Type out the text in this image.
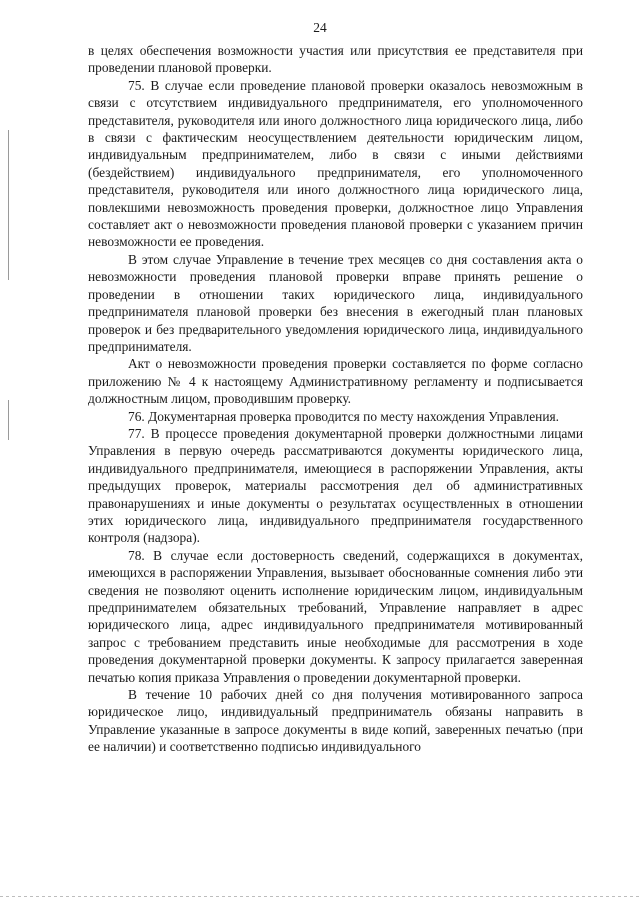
24

в целях обеспечения возможности участия или присутствия ее представителя при проведении плановой проверки.

75. В случае если проведение плановой проверки оказалось невозможным в связи с отсутствием индивидуального предпринимателя, его уполномоченного представителя, руководителя или иного должностного лица юридического лица, либо в связи с фактическим неосуществлением деятельности юридическим лицом, индивидуальным предпринимателем, либо в связи с иными действиями (бездействием) индивидуального предпринимателя, его уполномоченного представителя, руководителя или иного должностного лица юридического лица, повлекшими невозможность проведения проверки, должностное лицо Управления составляет акт о невозможности проведения плановой проверки с указанием причин невозможности ее проведения.

В этом случае Управление в течение трех месяцев со дня составления акта о невозможности проведения плановой проверки вправе принять решение о проведении в отношении таких юридического лица, индивидуального предпринимателя плановой проверки без внесения в ежегодный план плановых проверок и без предварительного уведомления юридического лица, индивидуального предпринимателя.

Акт о невозможности проведения проверки составляется по форме согласно приложению № 4 к настоящему Административному регламенту и подписывается должностным лицом, проводившим проверку.

76. Документарная проверка проводится по месту нахождения Управления.

77. В процессе проведения документарной проверки должностными лицами Управления в первую очередь рассматриваются документы юридического лица, индивидуального предпринимателя, имеющиеся в распоряжении Управления, акты предыдущих проверок, материалы рассмотрения дел об административных правонарушениях и иные документы о результатах осуществленных в отношении этих юридического лица, индивидуального предпринимателя государственного контроля (надзора).

78. В случае если достоверность сведений, содержащихся в документах, имеющихся в распоряжении Управления, вызывает обоснованные сомнения либо эти сведения не позволяют оценить исполнение юридическим лицом, индивидуальным предпринимателем обязательных требований, Управление направляет в адрес юридического лица, адрес индивидуального предпринимателя мотивированный запрос с требованием представить иные необходимые для рассмотрения в ходе проведения документарной проверки документы. К запросу прилагается заверенная печатью копия приказа Управления о проведении документарной проверки.

В течение 10 рабочих дней со дня получения мотивированного запроса юридическое лицо, индивидуальный предприниматель обязаны направить в Управление указанные в запросе документы в виде копий, заверенных печатью (при ее наличии) и соответственно подписью индивидуального
